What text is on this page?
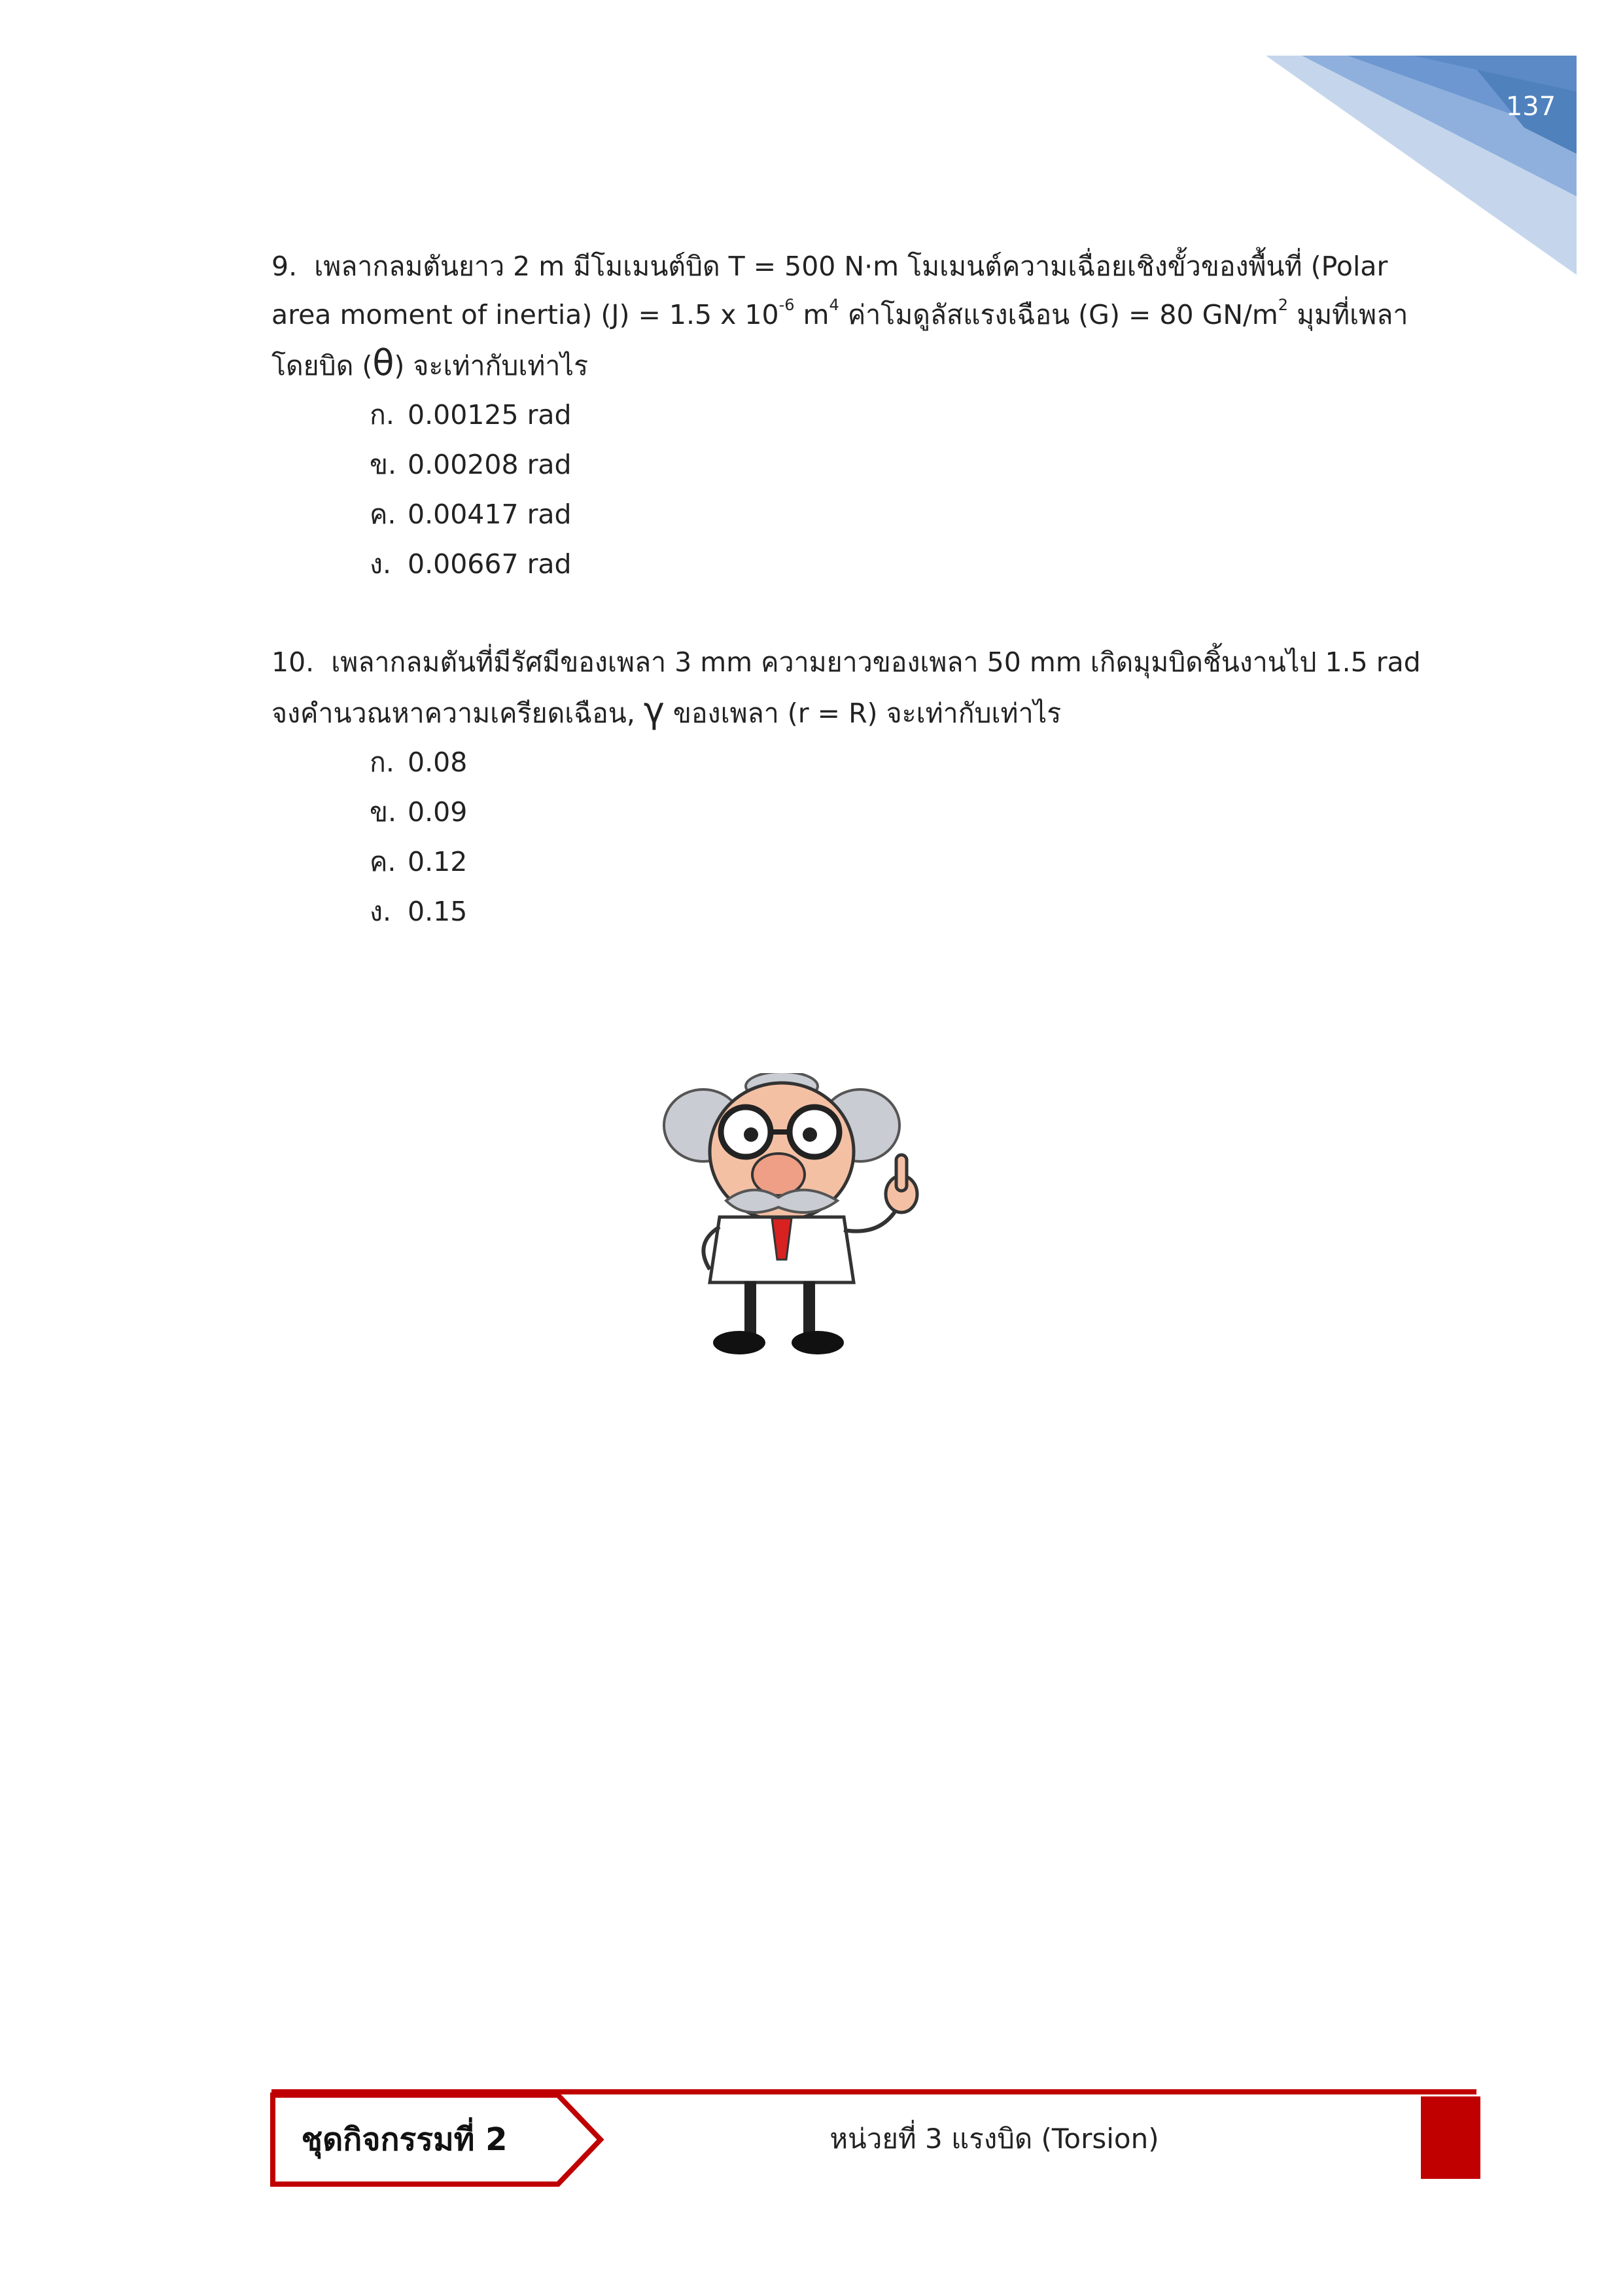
137

9. เพลากลมตันยาว 2 m มีโมเมนต์บิด T = 500 N·m โมเมนต์ความเฉื่อยเชิงขั้วของพื้นที่ (Polar area moment of inertia) (J) = 1.5 x $10^{-6}$ $m^4$ ค่าโมดูลัสแรงเฉือน (G) = 80 $GN/m^2$ มุมที่เพลาโดยบิด (θ) จะเท่ากับเท่าไร

ก. 0.00125 rad
ข. 0.00208 rad
ค. 0.00417 rad
ง. 0.00667 rad

10. เพลากลมตันที่มีรัศมีของเพลา 3 mm ความยาวของเพลา 50 mm เกิดมุมบิดชิ้นงานไป 1.5 rad จงคำนวณหาความเครียดเฉือน, γ ของเพลา (r = R) จะเท่ากับเท่าไร

ก. 0.08
ข. 0.09
ค. 0.12
ง. 0.15
ชุดกิจกรรมที่ 2	หน่วยที่ 3 แรงบิด (Torsion)
